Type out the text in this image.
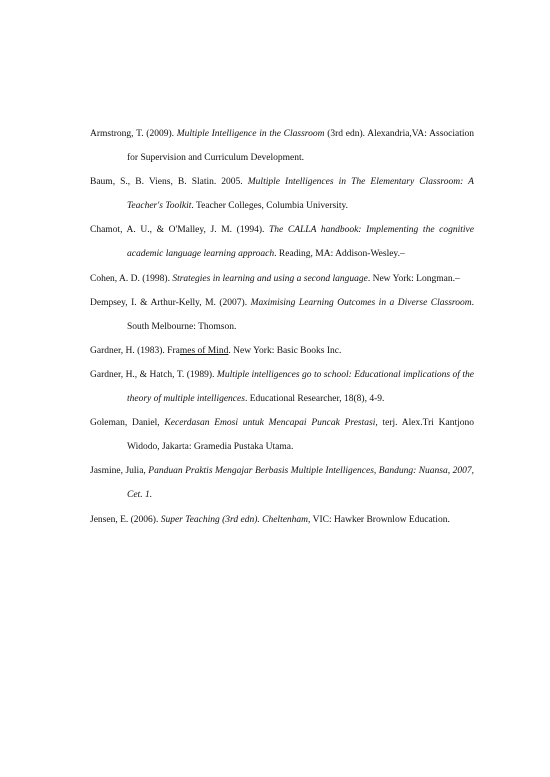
Armstrong, T. (2009). Multiple Intelligence in the Classroom (3rd edn). Alexandria,VA: Association for Supervision and Curriculum Development.

Baum, S., B. Viens, B. Slatin. 2005. Multiple Intelligences in The Elementary Classroom: A Teacher's Toolkit. Teacher Colleges, Columbia University.

Chamot, A. U., & O'Malley, J. M. (1994). The CALLA handbook: Implementing the cognitive academic language learning approach. Reading, MA: Addison-Wesley.–

Cohen, A. D. (1998). Strategies in learning and using a second language. New York: Longman.–

Dempsey, I. & Arthur-Kelly, M. (2007). Maximising Learning Outcomes in a Diverse Classroom. South Melbourne: Thomson.

Gardner, H. (1983). Frames of Mind. New York: Basic Books Inc.

Gardner, H., & Hatch, T. (1989). Multiple intelligences go to school: Educational implications of the theory of multiple intelligences. Educational Researcher, 18(8), 4-9.

Goleman, Daniel, Kecerdasan Emosi untuk Mencapai Puncak Prestasi, terj. Alex.Tri Kantjono Widodo, Jakarta: Gramedia Pustaka Utama.

Jasmine, Julia, Panduan Praktis Mengajar Berbasis Multiple Intelligences, Bandung: Nuansa, 2007, Cet. 1.

Jensen, E. (2006). Super Teaching (3rd edn). Cheltenham, VIC: Hawker Brownlow Education.
